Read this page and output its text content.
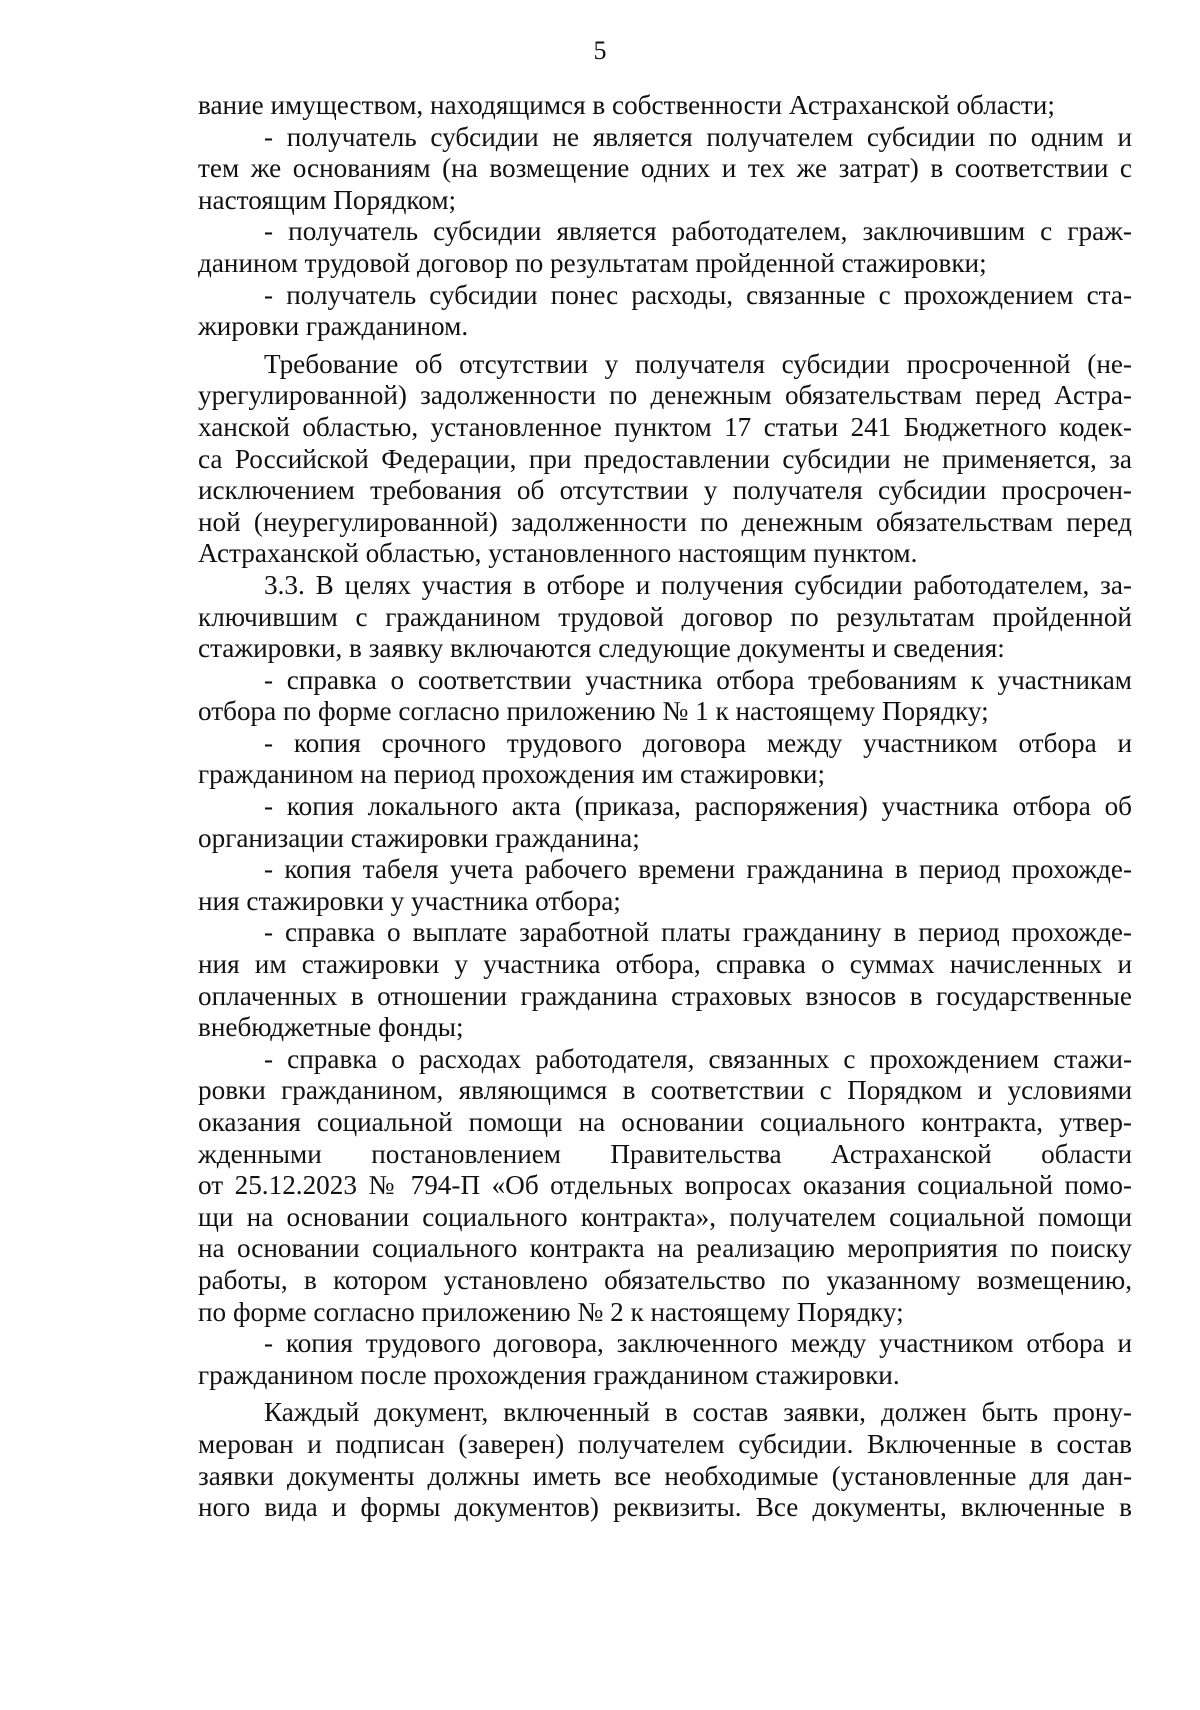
5
вание имуществом, находящимся в собственности Астраханской области;
- получатель субсидии не является получателем субсидии по одним и
тем же основаниям (на возмещение одних и тех же затрат) в соответствии с
настоящим Порядком;
- получатель субсидии является работодателем, заключившим с граж-
данином трудовой договор по результатам пройденной стажировки;
- получатель субсидии понес расходы, связанные с прохождением ста-
жировки гражданином.
Требование об отсутствии у получателя субсидии просроченной (не-
урегулированной) задолженности по денежным обязательствам перед Астра-
ханской областью, установленное пунктом 17 статьи 241 Бюджетного кодек-
са Российской Федерации, при предоставлении субсидии не применяется, за
исключением требования об отсутствии у получателя субсидии просрочен-
ной (неурегулированной) задолженности по денежным обязательствам перед
Астраханской областью, установленного настоящим пунктом.
3.3. В целях участия в отборе и получения субсидии работодателем, за-
ключившим с гражданином трудовой договор по результатам пройденной
стажировки, в заявку включаются следующие документы и сведения:
- справка о соответствии участника отбора требованиям к участникам
отбора по форме согласно приложению № 1 к настоящему Порядку;
- копия срочного трудового договора между участником отбора и
гражданином на период прохождения им стажировки;
- копия локального акта (приказа, распоряжения) участника отбора об
организации стажировки гражданина;
- копия табеля учета рабочего времени гражданина в период прохожде-
ния стажировки у участника отбора;
- справка о выплате заработной платы гражданину в период прохожде-
ния им стажировки у участника отбора, справка о суммах начисленных и
оплаченных в отношении гражданина страховых взносов в государственные
внебюджетные фонды;
- справка о расходах работодателя, связанных с прохождением стажи-
ровки гражданином, являющимся в соответствии с Порядком и условиями
оказания социальной помощи на основании социального контракта, утвер-
жденными постановлением Правительства Астраханской области
от 25.12.2023 № 794-П «Об отдельных вопросах оказания социальной помо-
щи на основании социального контракта», получателем социальной помощи
на основании социального контракта на реализацию мероприятия по поиску
работы, в котором установлено обязательство по указанному возмещению,
по форме согласно приложению № 2 к настоящему Порядку;
- копия трудового договора, заключенного между участником отбора и
гражданином после прохождения гражданином стажировки.
Каждый документ, включенный в состав заявки, должен быть прону-
мерован и подписан (заверен) получателем субсидии. Включенные в состав
заявки документы должны иметь все необходимые (установленные для дан-
ного вида и формы документов) реквизиты. Все документы, включенные в
